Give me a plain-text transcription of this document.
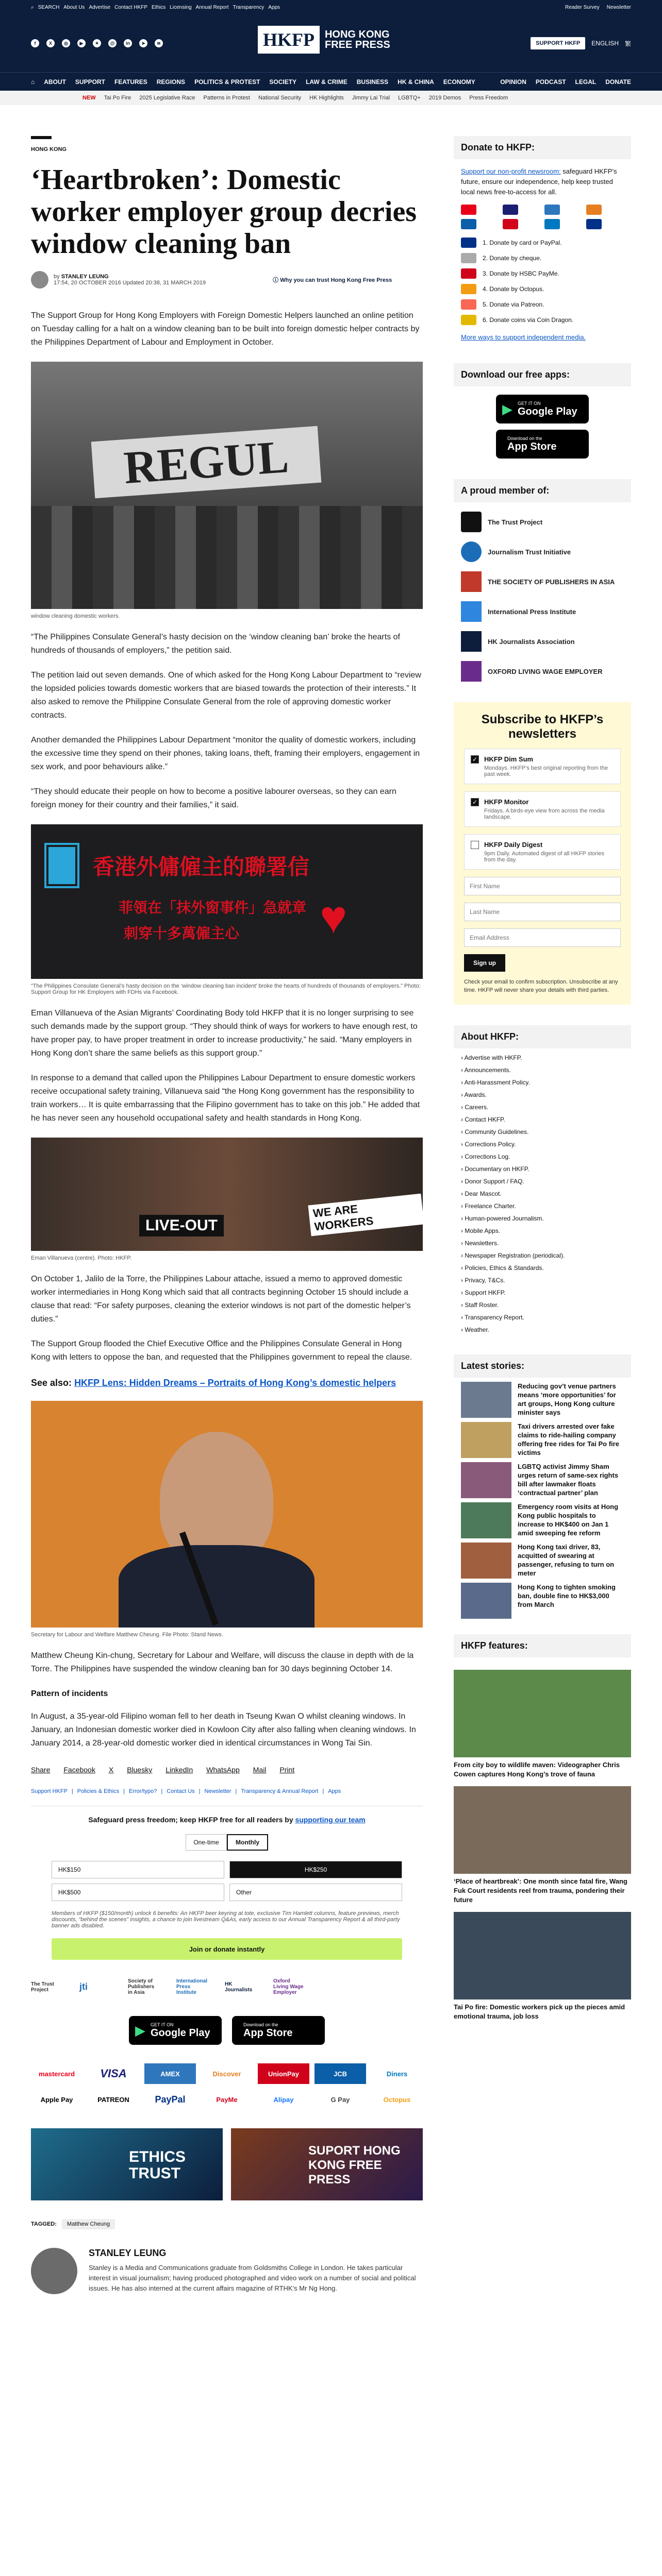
⌕ SEARCH About Us Advertise Contact HKFP Ethics Licensing Annual Report Transparency Apps	Reader Survey Newsletter
f	X	◎	▶	✦	@	in	➤	≋	HKFP	HONG KONG
FREE PRESS	SUPPORT HKFP	ENGLISH 繁
⌂ ABOUT SUPPORT FEATURES REGIONS POLITICS & PROTEST SOCIETY LAW & CRIME BUSINESS HK & CHINA ECONOMY	OPINION PODCAST LEGAL DONATE
NEW Tai Po Fire 2025 Legislative Race Patterns in Protest National Security HK Highlights Jimmy Lai Trial LGBTQ+ 2019 Demos Press Freedom
HONG KONG
‘Heartbroken’: Domestic worker employer group decries window cleaning ban
by STANLEY LEUNG
17:54, 20 OCTOBER 2016 Updated 20:38, 31 MARCH 2019	ⓘ Why you can trust Hong Kong Free Press

The Support Group for Hong Kong Employers with Foreign Domestic Helpers launched an online petition on Tuesday calling for a halt on a window cleaning ban to be built into foreign domestic helper contracts by the Philippines Department of Labour and Employment in October.

REGUL
window cleaning domestic workers.

“The Philippines Consulate General’s hasty decision on the ‘window cleaning ban’ broke the hearts of hundreds of thousands of employers,” the petition said.

The petition laid out seven demands. One of which asked for the Hong Kong Labour Department to “review the lopsided policies towards domestic workers that are biased towards the protection of their interests.” It also asked to remove the Philippine Consulate General from the role of approving domestic worker contracts.

Another demanded the Philippines Labour Department “monitor the quality of domestic workers, including the excessive time they spend on their phones, taking loans, theft, framing their employers, engagement in sex work, and poor behaviours alike.”

“They should educate their people on how to become a positive labourer overseas, so they can earn foreign money for their country and their families,” it said.

香港外傭僱主的聯署信
菲領在「抹外窗事件」急就章
刺穿十多萬僱主心 ♥
“The Philippines Consulate General’s hasty decision on the ‘window cleaning ban incident’ broke the hearts of hundreds of thousands of employers.” Photo: Support Group for HK Employers with FDHs via Facebook.

Eman Villanueva of the Asian Migrants’ Coordinating Body told HKFP that it is no longer surprising to see such demands made by the support group. “They should think of ways for workers to have enough rest, to have proper pay, to have proper treatment in order to increase productivity,” he said. “Many employers in Hong Kong don’t share the same beliefs as this support group.”

In response to a demand that called upon the Philippines Labour Department to ensure domestic workers receive occupational safety training, Villanueva said “the Hong Kong government has the responsibility to train workers… It is quite embarrassing that the Filipino government has to take on this job.” He added that he has never seen any household occupational safety and health standards in Hong Kong.

LIVE-OUT
WE ARE WORKERS
Eman Villanueva (centre). Photo: HKFP.

On October 1, Jalilo de la Torre, the Philippines Labour attache, issued a memo to approved domestic worker intermediaries in Hong Kong which said that all contracts beginning October 15 should include a clause that read: “For safety purposes, cleaning the exterior windows is not part of the domestic helper’s duties.”

The Support Group flooded the Chief Executive Office and the Philippines Consulate General in Hong Kong with letters to oppose the ban, and requested that the Philippines government to repeal the clause.

See also: HKFP Lens: Hidden Dreams – Portraits of Hong Kong’s domestic helpers
Secretary for Labour and Welfare Matthew Cheung. File Photo: Stand News.

Matthew Cheung Kin-chung, Secretary for Labour and Welfare, will discuss the clause in depth with de la Torre. The Philippines have suspended the window cleaning ban for 30 days beginning October 14.

Pattern of incidents

In August, a 35-year-old Filipino woman fell to her death in Tseung Kwan O whilst cleaning windows. In January, an Indonesian domestic worker died in Kowloon City after also falling when cleaning windows. In January 2014, a 28-year-old domestic worker died in identical circumstances in Wong Tai Sin.

Share Facebook X Bluesky LinkedIn WhatsApp Mail Print
Support HKFP | Policies & Ethics | Error/typo? | Contact Us | Newsletter | Transparency & Annual Report | Apps
Safeguard press freedom; keep HKFP free for all readers by supporting our team
One-time	Monthly
HK$150	HK$250
HK$500	Other
Members of HKFP ($150/month) unlock 6 benefits: An HKFP beer keyring at tote, exclusive Tim Hamlett columns, feature previews, merch discounts, “behind the scenes” insights, a chance to join livestream Q&As, early access to our Annual Transparency Report & all third-party banner ads disabled.
Join or donate instantly
The Trust Project	jti
Society of Publishers in Asia
International Press Institute
HK Journalists
Oxford Living Wage Employer
▶ GET IT ON
Google Play
Download on the
App Store
mastercard	VISA	AMEX	Discover	UnionPay	JCB	Diners
Apple Pay	PATREON	PayPal	PayMe	Alipay	G Pay	Octopus
ETHICS TRUST
SUPORT HONG KONG FREE PRESS
TAGGED:	Matthew Cheung
STANLEY LEUNG
Stanley is a Media and Communications graduate from Goldsmiths College in London. He takes particular interest in visual journalism; having produced photographed and video work on a number of social and political issues. He has also interned at the current affairs magazine of RTHK’s Mr Ng Hong.
Donate to HKFP:
Support our non-profit newsroom: safeguard HKFP’s future, ensure our independence, help keep trusted local news free-to-access for all.
1. Donate by card or PayPal.
2. Donate by cheque.
3. Donate by HSBC PayMe.
4. Donate by Octopus.
5. Donate via Patreon.
6. Donate coins via Coin Dragon.
More ways to support independent media.
Download our free apps:
▶ GET IT ON
Google Play
Download on the
App Store
A proud member of:
The Trust Project
Journalism Trust Initiative
THE SOCIETY OF PUBLISHERS IN ASIA
International Press Institute
HK Journalists Association
OXFORD LIVING WAGE EMPLOYER
Subscribe to HKFP’s newsletters
✓ HKFP Dim Sum
Mondays. HKFP’s best original reporting from the past week.
✓ HKFP Monitor
Fridays. A birds-eye view from across the media landscape.
HKFP Daily Digest
9pm Daily. Automated digest of all HKFP stories from the day.
First Name Last Name Email Address
Sign up
Check your email to confirm subscription. Unsubscribe at any time. HKFP will never share your details with third parties.
About HKFP:
› Advertise with HKFP.
› Announcements.
› Anti-Harassment Policy.
› Awards.
› Careers.
› Contact HKFP.
› Community Guidelines.
› Corrections Policy.
› Corrections Log.
› Documentary on HKFP.
› Donor Support / FAQ.
› Dear Mascot.
› Freelance Charter.
› Human-powered Journalism.
› Mobile Apps.
› Newsletters.
› Newspaper Registration (periodical).
› Policies, Ethics & Standards.
› Privacy, T&Cs.
› Support HKFP.
› Staff Roster.
› Transparency Report.
› Weather.
Latest stories:
Reducing gov’t venue partners means ‘more opportunities’ for art groups, Hong Kong culture minister says
Taxi drivers arrested over fake claims to ride-hailing company offering free rides for Tai Po fire victims
LGBTQ activist Jimmy Sham urges return of same-sex rights bill after lawmaker floats ‘contractual partner’ plan
Emergency room visits at Hong Kong public hospitals to increase to HK$400 on Jan 1 amid sweeping fee reform
Hong Kong taxi driver, 83, acquitted of swearing at passenger, refusing to turn on meter
Hong Kong to tighten smoking ban, double fine to HK$3,000 from March
HKFP features:
From city boy to wildlife maven: Videographer Chris Cowen captures Hong Kong’s trove of fauna
‘Place of heartbreak’: One month since fatal fire, Wang Fuk Court residents reel from trauma, pondering their future
Tai Po fire: Domestic workers pick up the pieces amid emotional trauma, job loss
